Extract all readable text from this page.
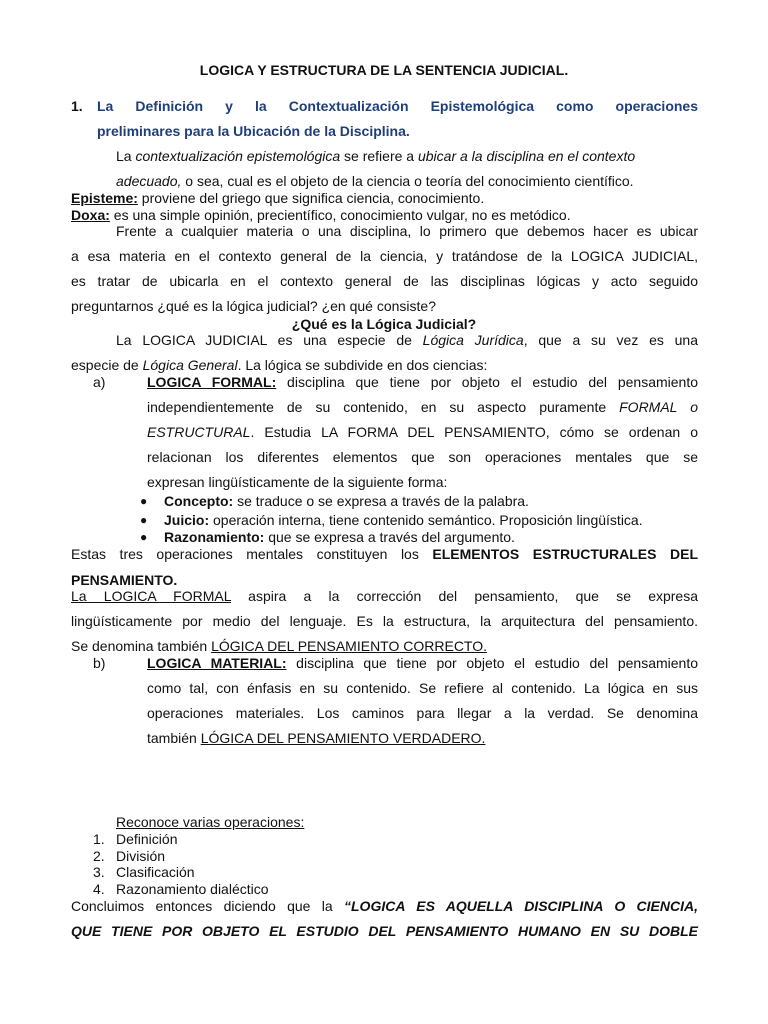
LOGICA Y ESTRUCTURA DE LA SENTENCIA JUDICIAL.
1. La Definición y la Contextualización Epistemológica como operaciones
preliminares para la Ubicación de la Disciplina.
La contextualización epistemológica se refiere a ubicar a la disciplina en el contexto
adecuado, o sea, cual es el objeto de la ciencia o teoría del conocimiento científico.
Episteme: proviene del griego que significa ciencia, conocimiento.
Doxa: es una simple opinión, precientífico, conocimiento vulgar, no es metódico.
Frente a cualquier materia o una disciplina, lo primero que debemos hacer es ubicar
a esa materia en el contexto general de la ciencia, y tratándose de la LOGICA JUDICIAL,
es tratar de ubicarla en el contexto general de las disciplinas lógicas y acto seguido
preguntarnos ¿qué es la lógica judicial? ¿en qué consiste?
¿Qué es la Lógica Judicial?
La LOGICA JUDICIAL es una especie de Lógica Jurídica, que a su vez es una
especie de Lógica General. La lógica se subdivide en dos ciencias:
a)	LOGICA FORMAL: disciplina que tiene por objeto el estudio del pensamiento
independientemente de su contenido, en su aspecto puramente FORMAL o
ESTRUCTURAL. Estudia LA FORMA DEL PENSAMIENTO, cómo se ordenan o
relacionan los diferentes elementos que son operaciones mentales que se
expresan lingüísticamente de la siguiente forma:
● Concepto: se traduce o se expresa a través de la palabra.
● Juicio: operación interna, tiene contenido semántico. Proposición lingüística.
● Razonamiento: que se expresa a través del argumento.
Estas tres operaciones mentales constituyen los ELEMENTOS ESTRUCTURALES DEL
PENSAMIENTO.
La LOGICA FORMAL aspira a la corrección del pensamiento, que se expresa
lingüísticamente por medio del lenguaje. Es la estructura, la arquitectura del pensamiento.
Se denomina también LÓGICA DEL PENSAMIENTO CORRECTO.
b)	LOGICA MATERIAL: disciplina que tiene por objeto el estudio del pensamiento
como tal, con énfasis en su contenido. Se refiere al contenido. La lógica en sus
operaciones materiales. Los caminos para llegar a la verdad. Se denomina
también LÓGICA DEL PENSAMIENTO VERDADERO.
Reconoce varias operaciones:
1. Definición
2. División
3. Clasificación
4. Razonamiento dialéctico
Concluimos entonces diciendo que la “LOGICA ES AQUELLA DISCIPLINA O CIENCIA,
QUE TIENE POR OBJETO EL ESTUDIO DEL PENSAMIENTO HUMANO EN SU DOBLE
